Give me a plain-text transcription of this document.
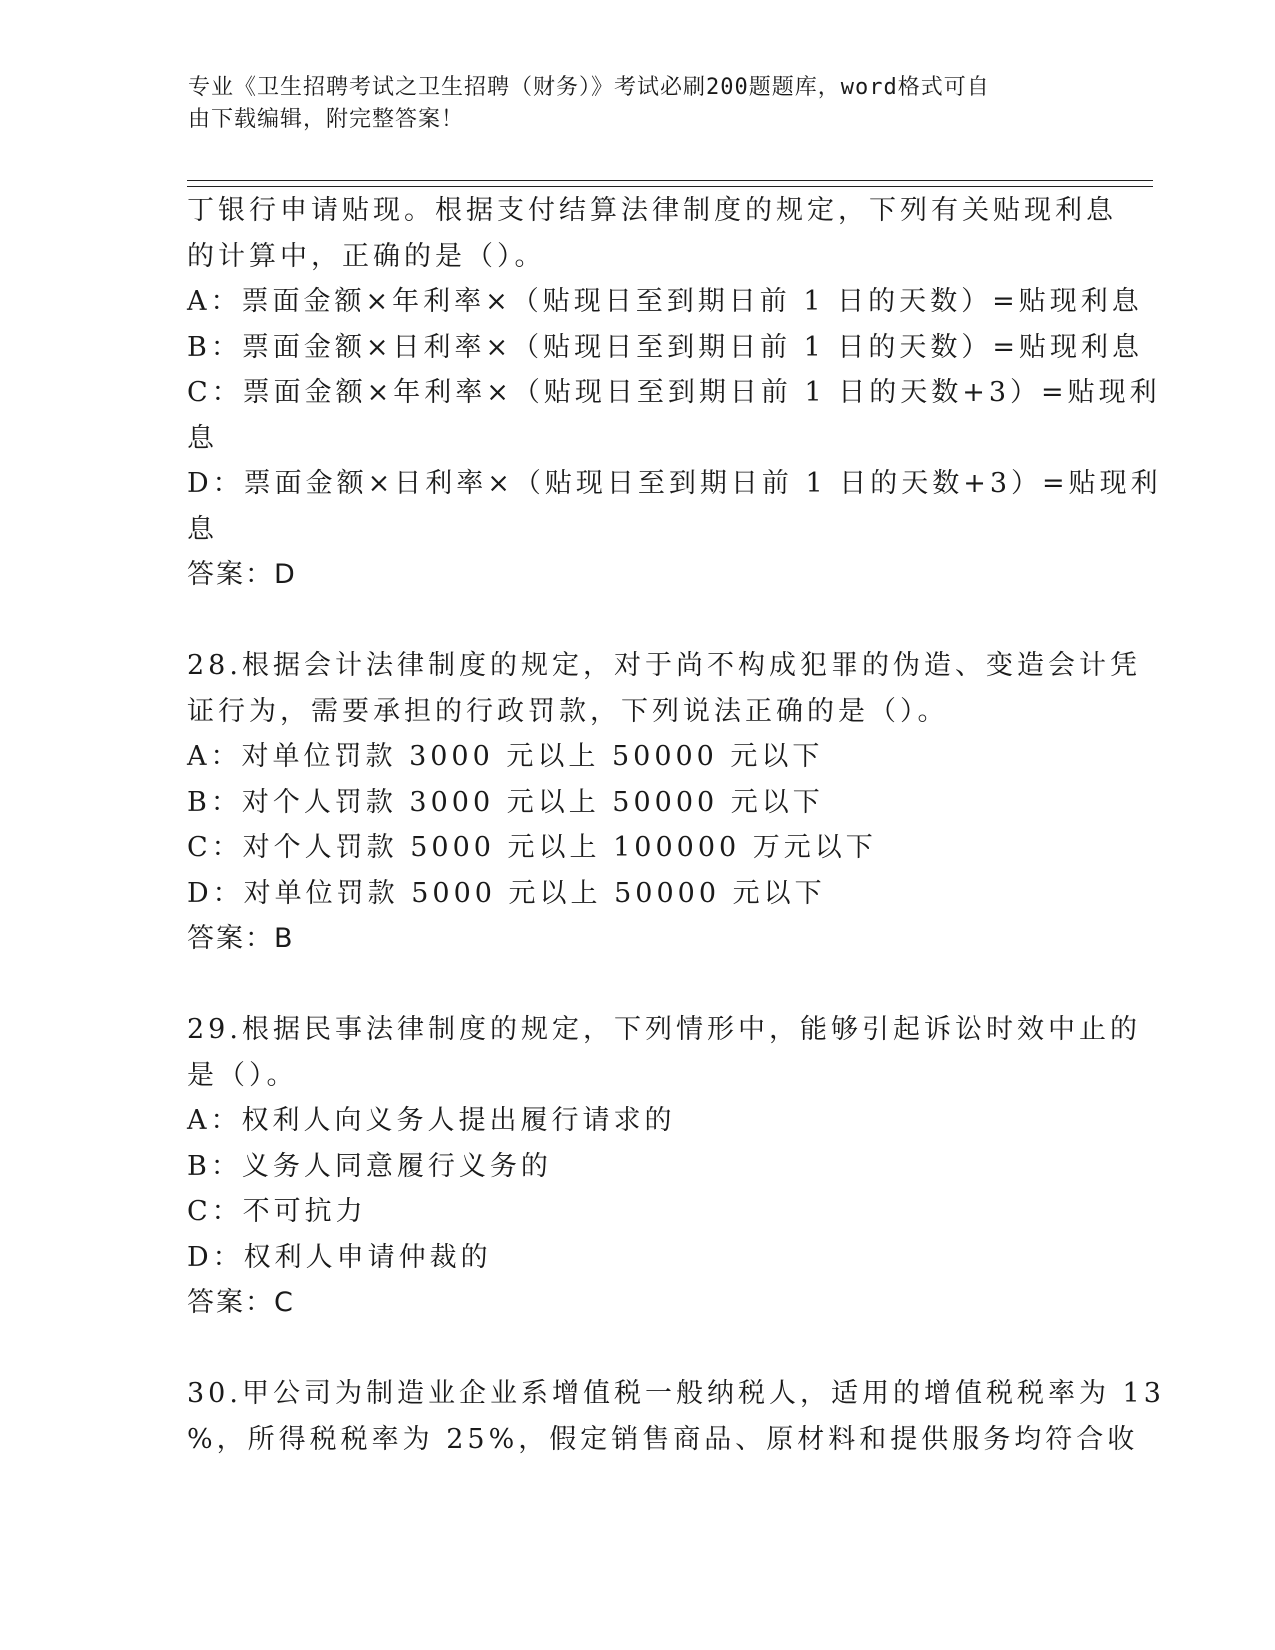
专业《卫生招聘考试之卫生招聘（财务）》考试必刷200题题库，word格式可自
由下载编辑，附完整答案！
丁银行申请贴现。根据支付结算法律制度的规定，下列有关贴现利息
的计算中，正确的是（）。
A：票面金额×年利率×（贴现日至到期日前 1 日的天数）=贴现利息
B：票面金额×日利率×（贴现日至到期日前 1 日的天数）=贴现利息
C：票面金额×年利率×（贴现日至到期日前 1 日的天数+3）=贴现利
息
D：票面金额×日利率×（贴现日至到期日前 1 日的天数+3）=贴现利
息
答案：D
28.根据会计法律制度的规定，对于尚不构成犯罪的伪造、变造会计凭
证行为，需要承担的行政罚款，下列说法正确的是（）。
A：对单位罚款 3000 元以上 50000 元以下
B：对个人罚款 3000 元以上 50000 元以下
C：对个人罚款 5000 元以上 100000 万元以下
D：对单位罚款 5000 元以上 50000 元以下
答案：B
29.根据民事法律制度的规定，下列情形中，能够引起诉讼时效中止的
是（）。
A：权利人向义务人提出履行请求的
B：义务人同意履行义务的
C：不可抗力
D：权利人申请仲裁的
答案：C
30.甲公司为制造业企业系增值税一般纳税人，适用的增值税税率为 13
%，所得税税率为 25%，假定销售商品、原材料和提供服务均符合收
